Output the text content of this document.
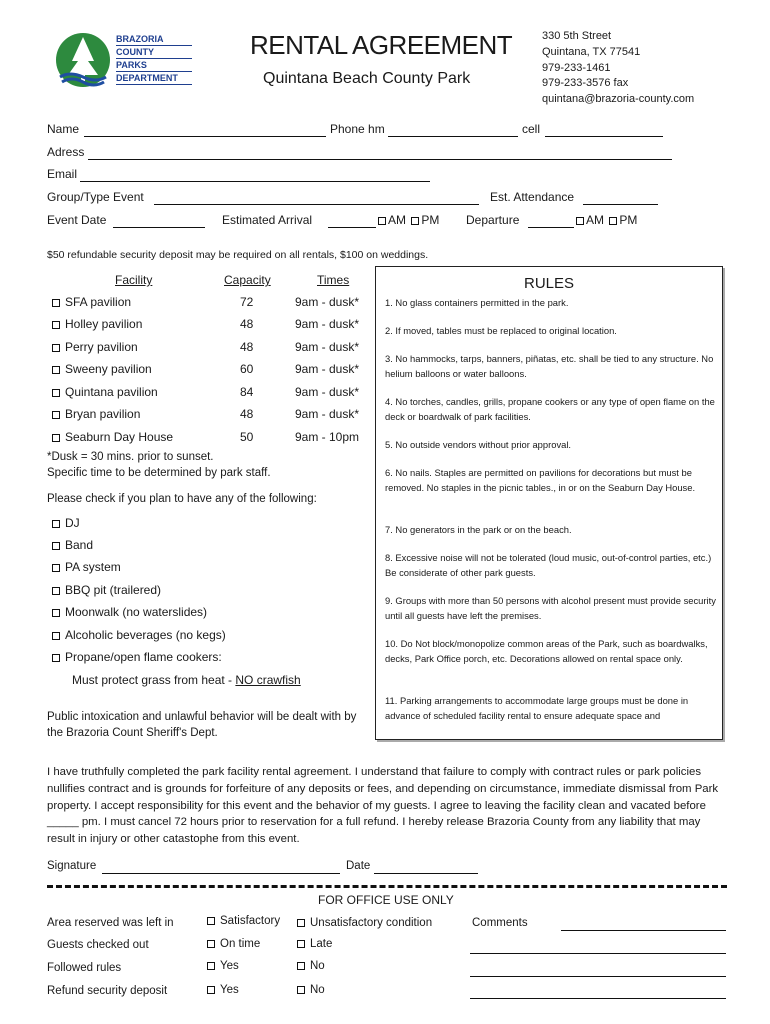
BRAZORIA
COUNTY
PARKS
DEPARTMENT
RENTAL AGREEMENT
Quintana Beach County Park
330 5th Street
Quintana, TX 77541
979-233-1461
979-233-3576 fax
quintana@brazoria-county.com
Name	Phone hm	cell
Adress
Email
Group/Type Event	Est. Attendance
Event Date	Estimated Arrival	AM PM Departure	AM PM
$50 refundable security deposit may be required on all rentals, $100 on weddings.
Facility	Capacity	Times
SFA pavilion	72	9am - dusk*
Holley pavilion	48	9am - dusk*
Perry pavilion	48	9am - dusk*
Sweeny pavilion	60	9am - dusk*
Quintana pavilion	84	9am - dusk*
Bryan pavilion	48	9am - dusk*
Seaburn Day House	50	9am - 10pm
*Dusk = 30 mins. prior to sunset.
Specific time to be determined by park staff.
Please check if you plan to have any of the following:
DJ
Band
PA system
BBQ pit (trailered)
Moonwalk (no waterslides)
Alcoholic beverages (no kegs)
Propane/open flame cookers:
Must protect grass from heat - NO crawfish
Public intoxication and unlawful behavior will be dealt with by
the Brazoria Count Sheriff's Dept.
RULES
1. No glass containers permitted in the park.
2. If moved, tables must be replaced to original location.
3. No hammocks, tarps, banners, piñatas, etc. shall be tied to any structure. No helium balloons or water balloons.
4. No torches, candles, grills, propane cookers or any type of open flame on the deck or boardwalk of park facilities.
5. No outside vendors without prior approval.
6. No nails. Staples are permitted on pavilions for decorations but must be removed. No staples in the picnic tables., in or on the Seaburn Day House.
7. No generators in the park or on the beach.
8. Excessive noise will not be tolerated (loud music, out-of-control parties, etc.) Be considerate of other park guests.
9. Groups with more than 50 persons with alcohol present must provide security until all guests have left the premises.
10. Do Not block/monopolize common areas of the Park, such as boardwalks, decks, Park Office porch, etc. Decorations allowed on rental space only.
11. Parking arrangements to accommodate large groups must be done in advance of scheduled facility rental to ensure adequate space and
I have truthfully completed the park facility rental agreement. I understand that failure to comply with contract rules or park policies nullifies contract and is grounds for forfeiture of any deposits or fees, and depending on circumstance, immediate dismissal from Park property. I accept responsibility for this event and the behavior of my guests. I agree to leaving the facility clean and vacated before _____ pm. I must cancel 72 hours prior to reservation for a full refund. I hereby release Brazoria County from any liability that may result in injury or other catastophe from this event.
Signature	Date
FOR OFFICE USE ONLY
Area reserved was left in	Satisfactory	Unsatisfactory condition
Guests checked out	On time	Late
Followed rules	Yes	No
Refund security deposit	Yes	No
Comments
